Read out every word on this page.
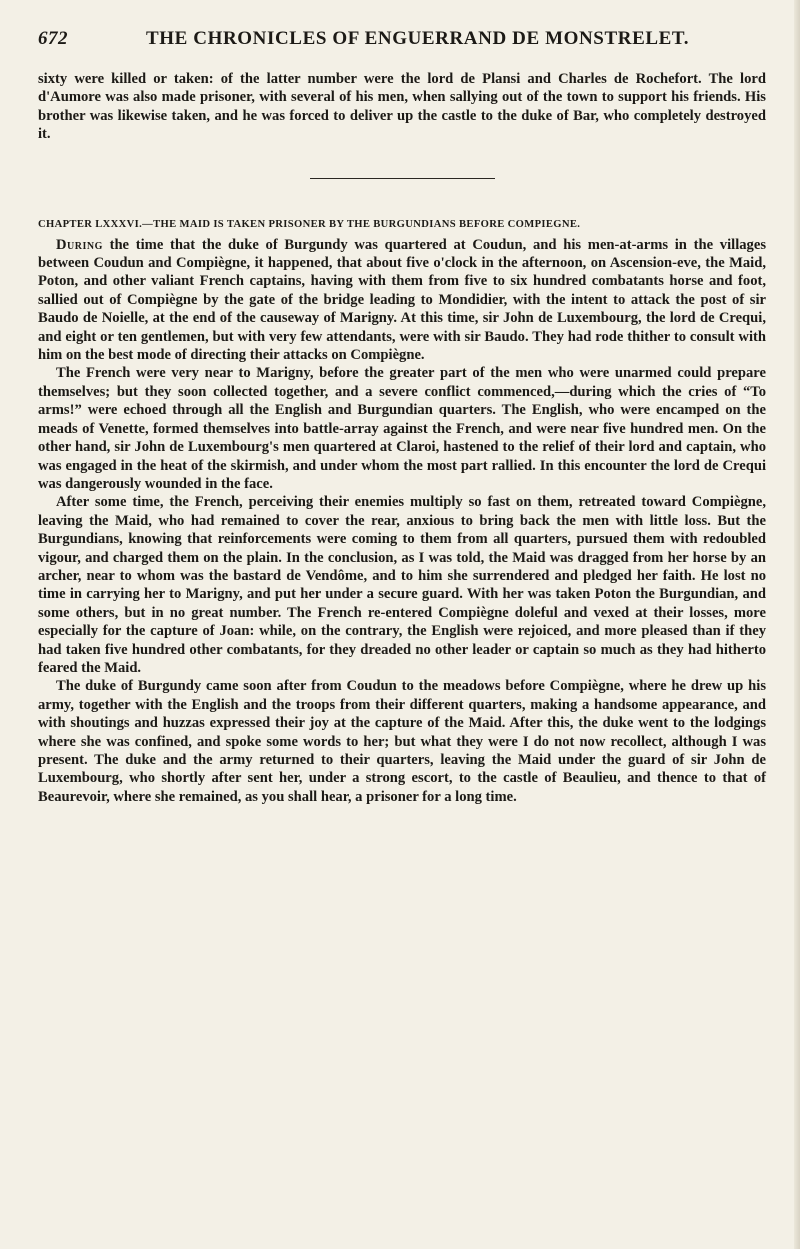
672	THE CHRONICLES OF ENGUERRAND DE MONSTRELET.

sixty were killed or taken: of the latter number were the lord de Plansi and Charles de Rochefort. The lord d'Aumore was also made prisoner, with several of his men, when sallying out of the town to support his friends. His brother was likewise taken, and he was forced to deliver up the castle to the duke of Bar, who completely destroyed it.

CHAPTER LXXXVI.—THE MAID IS TAKEN PRISONER BY THE BURGUNDIANS BEFORE COMPIEGNE.

During the time that the duke of Burgundy was quartered at Coudun, and his men-at-arms in the villages between Coudun and Compiègne, it happened, that about five o'clock in the afternoon, on Ascension-eve, the Maid, Poton, and other valiant French captains, having with them from five to six hundred combatants horse and foot, sallied out of Compiègne by the gate of the bridge leading to Mondidier, with the intent to attack the post of sir Baudo de Noielle, at the end of the causeway of Marigny. At this time, sir John de Luxembourg, the lord de Crequi, and eight or ten gentlemen, but with very few attendants, were with sir Baudo. They had rode thither to consult with him on the best mode of directing their attacks on Compiègne.

The French were very near to Marigny, before the greater part of the men who were unarmed could prepare themselves; but they soon collected together, and a severe conflict commenced,—during which the cries of “To arms!” were echoed through all the English and Burgundian quarters. The English, who were encamped on the meads of Venette, formed themselves into battle-array against the French, and were near five hundred men. On the other hand, sir John de Luxembourg's men quartered at Claroi, hastened to the relief of their lord and captain, who was engaged in the heat of the skirmish, and under whom the most part rallied. In this encounter the lord de Crequi was dangerously wounded in the face.

After some time, the French, perceiving their enemies multiply so fast on them, retreated toward Compiègne, leaving the Maid, who had remained to cover the rear, anxious to bring back the men with little loss. But the Burgundians, knowing that reinforcements were coming to them from all quarters, pursued them with redoubled vigour, and charged them on the plain. In the conclusion, as I was told, the Maid was dragged from her horse by an archer, near to whom was the bastard de Vendôme, and to him she surrendered and pledged her faith. He lost no time in carrying her to Marigny, and put her under a secure guard. With her was taken Poton the Burgundian, and some others, but in no great number. The French re-entered Compiègne doleful and vexed at their losses, more especially for the capture of Joan: while, on the contrary, the English were rejoiced, and more pleased than if they had taken five hundred other combatants, for they dreaded no other leader or captain so much as they had hitherto feared the Maid.

The duke of Burgundy came soon after from Coudun to the meadows before Compiègne, where he drew up his army, together with the English and the troops from their different quarters, making a handsome appearance, and with shoutings and huzzas expressed their joy at the capture of the Maid. After this, the duke went to the lodgings where she was confined, and spoke some words to her; but what they were I do not now recollect, although I was present. The duke and the army returned to their quarters, leaving the Maid under the guard of sir John de Luxembourg, who shortly after sent her, under a strong escort, to the castle of Beaulieu, and thence to that of Beaurevoir, where she remained, as you shall hear, a prisoner for a long time.
